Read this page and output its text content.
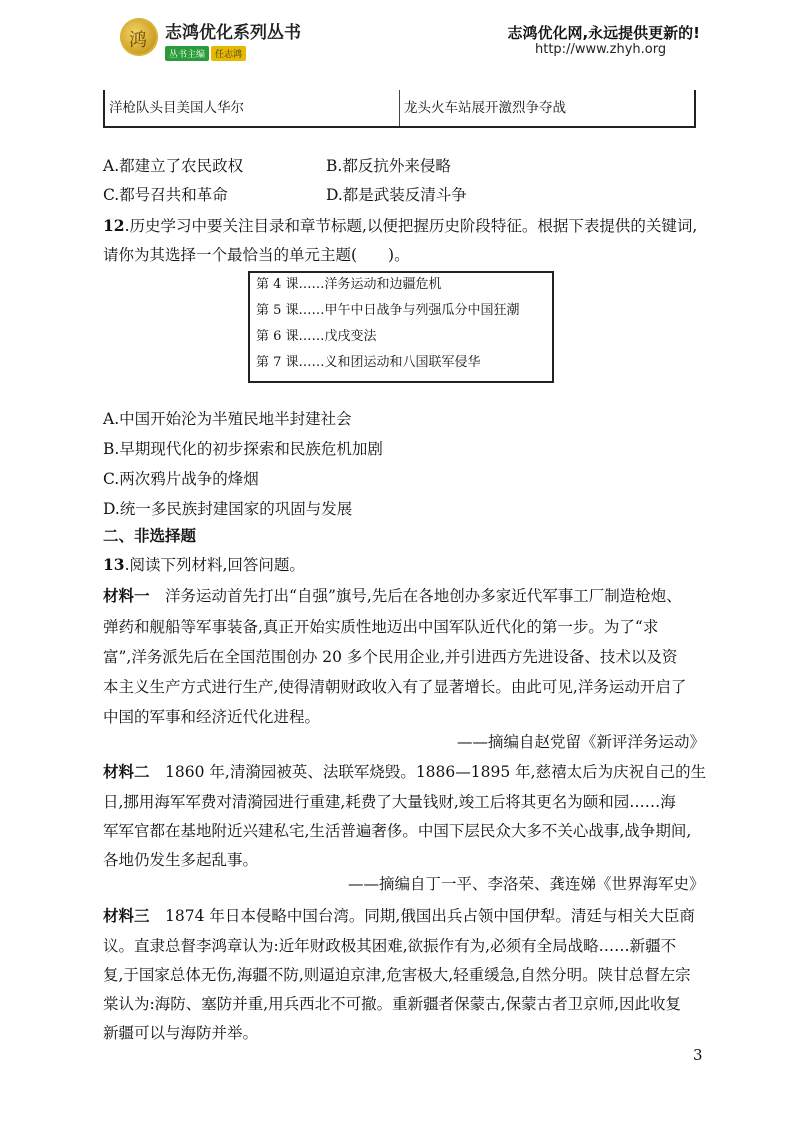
鸿
志鸿优化系列丛书
丛书主编 任志鸿
志鸿优化网,永远提供更新的!
http://www.zhyh.org
洋枪队头目美国人华尔	龙头火车站展开激烈争夺战
A.都建立了农民政权	B.都反抗外来侵略
C.都号召共和革命	D.都是武装反清斗争
12.历史学习中要关注目录和章节标题,以便把握历史阶段特征。根据下表提供的关键词,
请你为其选择一个最恰当的单元主题(　　)。
第 4 课……洋务运动和边疆危机
第 5 课……甲午中日战争与列强瓜分中国狂潮
第 6 课……戊戌变法
第 7 课……义和团运动和八国联军侵华
A.中国开始沦为半殖民地半封建社会
B.早期现代化的初步探索和民族危机加剧
C.两次鸦片战争的烽烟
D.统一多民族封建国家的巩固与发展
二、非选择题
13.阅读下列材料,回答问题。
材料一　洋务运动首先打出“自强”旗号,先后在各地创办多家近代军事工厂制造枪炮、
弹药和舰船等军事装备,真正开始实质性地迈出中国军队近代化的第一步。为了“求
富”,洋务派先后在全国范围创办 20 多个民用企业,并引进西方先进设备、技术以及资
本主义生产方式进行生产,使得清朝财政收入有了显著增长。由此可见,洋务运动开启了
中国的军事和经济近代化进程。
——摘编自赵党留《新评洋务运动》
材料二　1860 年,清漪园被英、法联军烧毁。1886—1895 年,慈禧太后为庆祝自己的生
日,挪用海军军费对清漪园进行重建,耗费了大量钱财,竣工后将其更名为颐和园……海
军军官都在基地附近兴建私宅,生活普遍奢侈。中国下层民众大多不关心战事,战争期间,
各地仍发生多起乱事。
——摘编自丁一平、李洛荣、龚连娣《世界海军史》
材料三　1874 年日本侵略中国台湾。同期,俄国出兵占领中国伊犁。清廷与相关大臣商
议。直隶总督李鸿章认为:近年财政极其困难,欲振作有为,必须有全局战略……新疆不
复,于国家总体无伤,海疆不防,则逼迫京津,危害极大,轻重缓急,自然分明。陕甘总督左宗
棠认为:海防、塞防并重,用兵西北不可撤。重新疆者保蒙古,保蒙古者卫京师,因此收复
新疆可以与海防并举。
3
